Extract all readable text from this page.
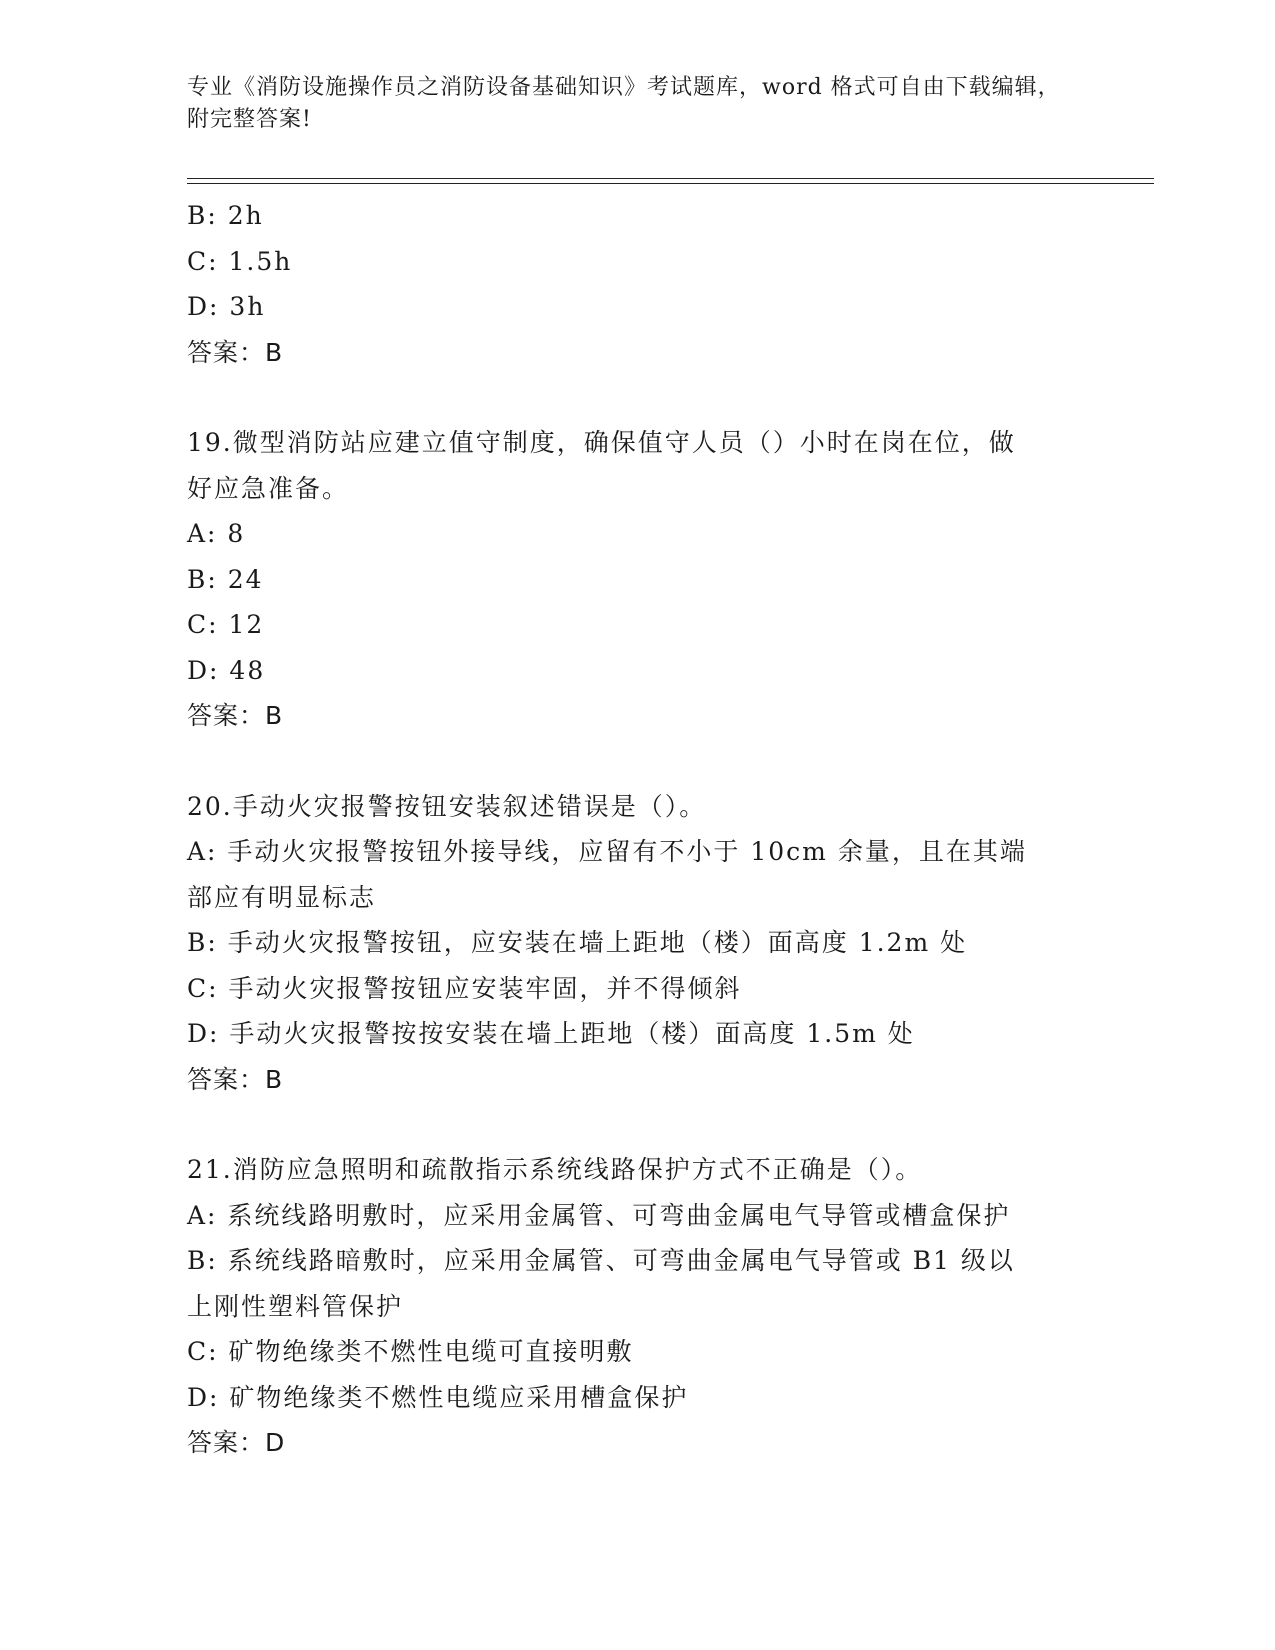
专业《消防设施操作员之消防设备基础知识》考试题库，word 格式可自由下载编辑，附完整答案!
B: 2h
C: 1.5h
D: 3h
答案：B
19.微型消防站应建立值守制度，确保值守人员（）小时在岗在位，做
好应急准备。
A: 8
B: 24
C: 12
D: 48
答案：B
20.手动火灾报警按钮安装叙述错误是（）。
A: 手动火灾报警按钮外接导线，应留有不小于 10cm 余量，且在其端
部应有明显标志
B: 手动火灾报警按钮，应安装在墙上距地（楼）面高度 1.2m 处
C: 手动火灾报警按钮应安装牢固，并不得倾斜
D: 手动火灾报警按按安装在墙上距地（楼）面高度 1.5m 处
答案：B
21.消防应急照明和疏散指示系统线路保护方式不正确是（）。
A: 系统线路明敷时，应采用金属管、可弯曲金属电气导管或槽盒保护
B: 系统线路暗敷时，应采用金属管、可弯曲金属电气导管或 B1 级以
上刚性塑料管保护
C: 矿物绝缘类不燃性电缆可直接明敷
D: 矿物绝缘类不燃性电缆应采用槽盒保护
答案：D
